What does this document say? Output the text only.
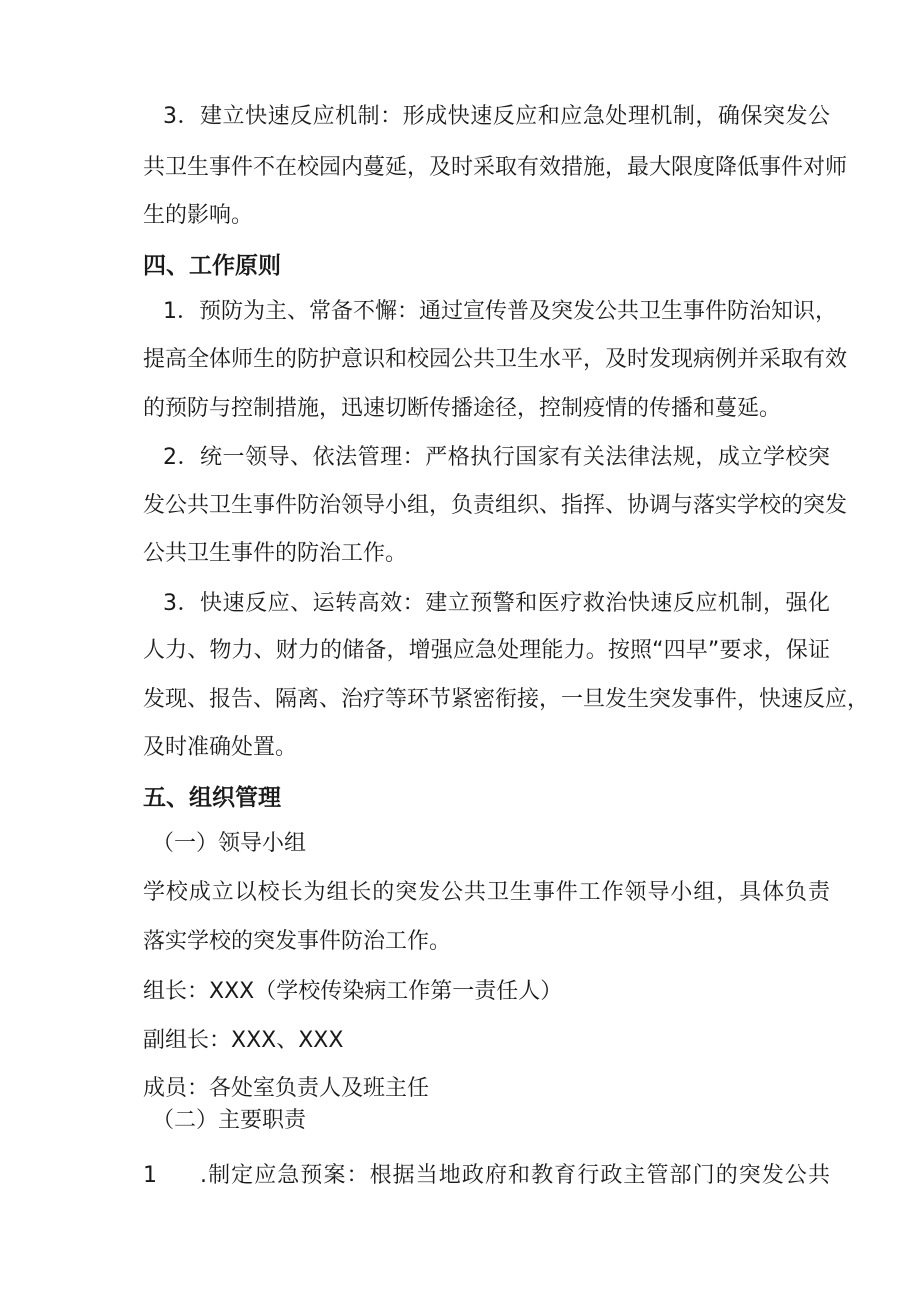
3．建立快速反应机制：形成快速反应和应急处理机制，确保突发公
共卫生事件不在校园内蔓延，及时采取有效措施，最大限度降低事件对师
生的影响。
四、工作原则
1．预防为主、常备不懈：通过宣传普及突发公共卫生事件防治知识，
提高全体师生的防护意识和校园公共卫生水平，及时发现病例并采取有效
的预防与控制措施，迅速切断传播途径，控制疫情的传播和蔓延。
2．统一领导、依法管理：严格执行国家有关法律法规，成立学校突
发公共卫生事件防治领导小组，负责组织、指挥、协调与落实学校的突发
公共卫生事件的防治工作。
3．快速反应、运转高效：建立预警和医疗救治快速反应机制，强化
人力、物力、财力的储备，增强应急处理能力。按照“四早”要求，保证
发现、报告、隔离、治疗等环节紧密衔接，一旦发生突发事件，快速反应，
及时准确处置。
五、组织管理
（一）领导小组
学校成立以校长为组长的突发公共卫生事件工作领导小组，具体负责
落实学校的突发事件防治工作。
组长：XXX（学校传染病工作第一责任人）
副组长：XXX、XXX
成员：各处室负责人及班主任
（二）主要职责
1	.制定应急预案：根据当地政府和教育行政主管部门的突发公共
